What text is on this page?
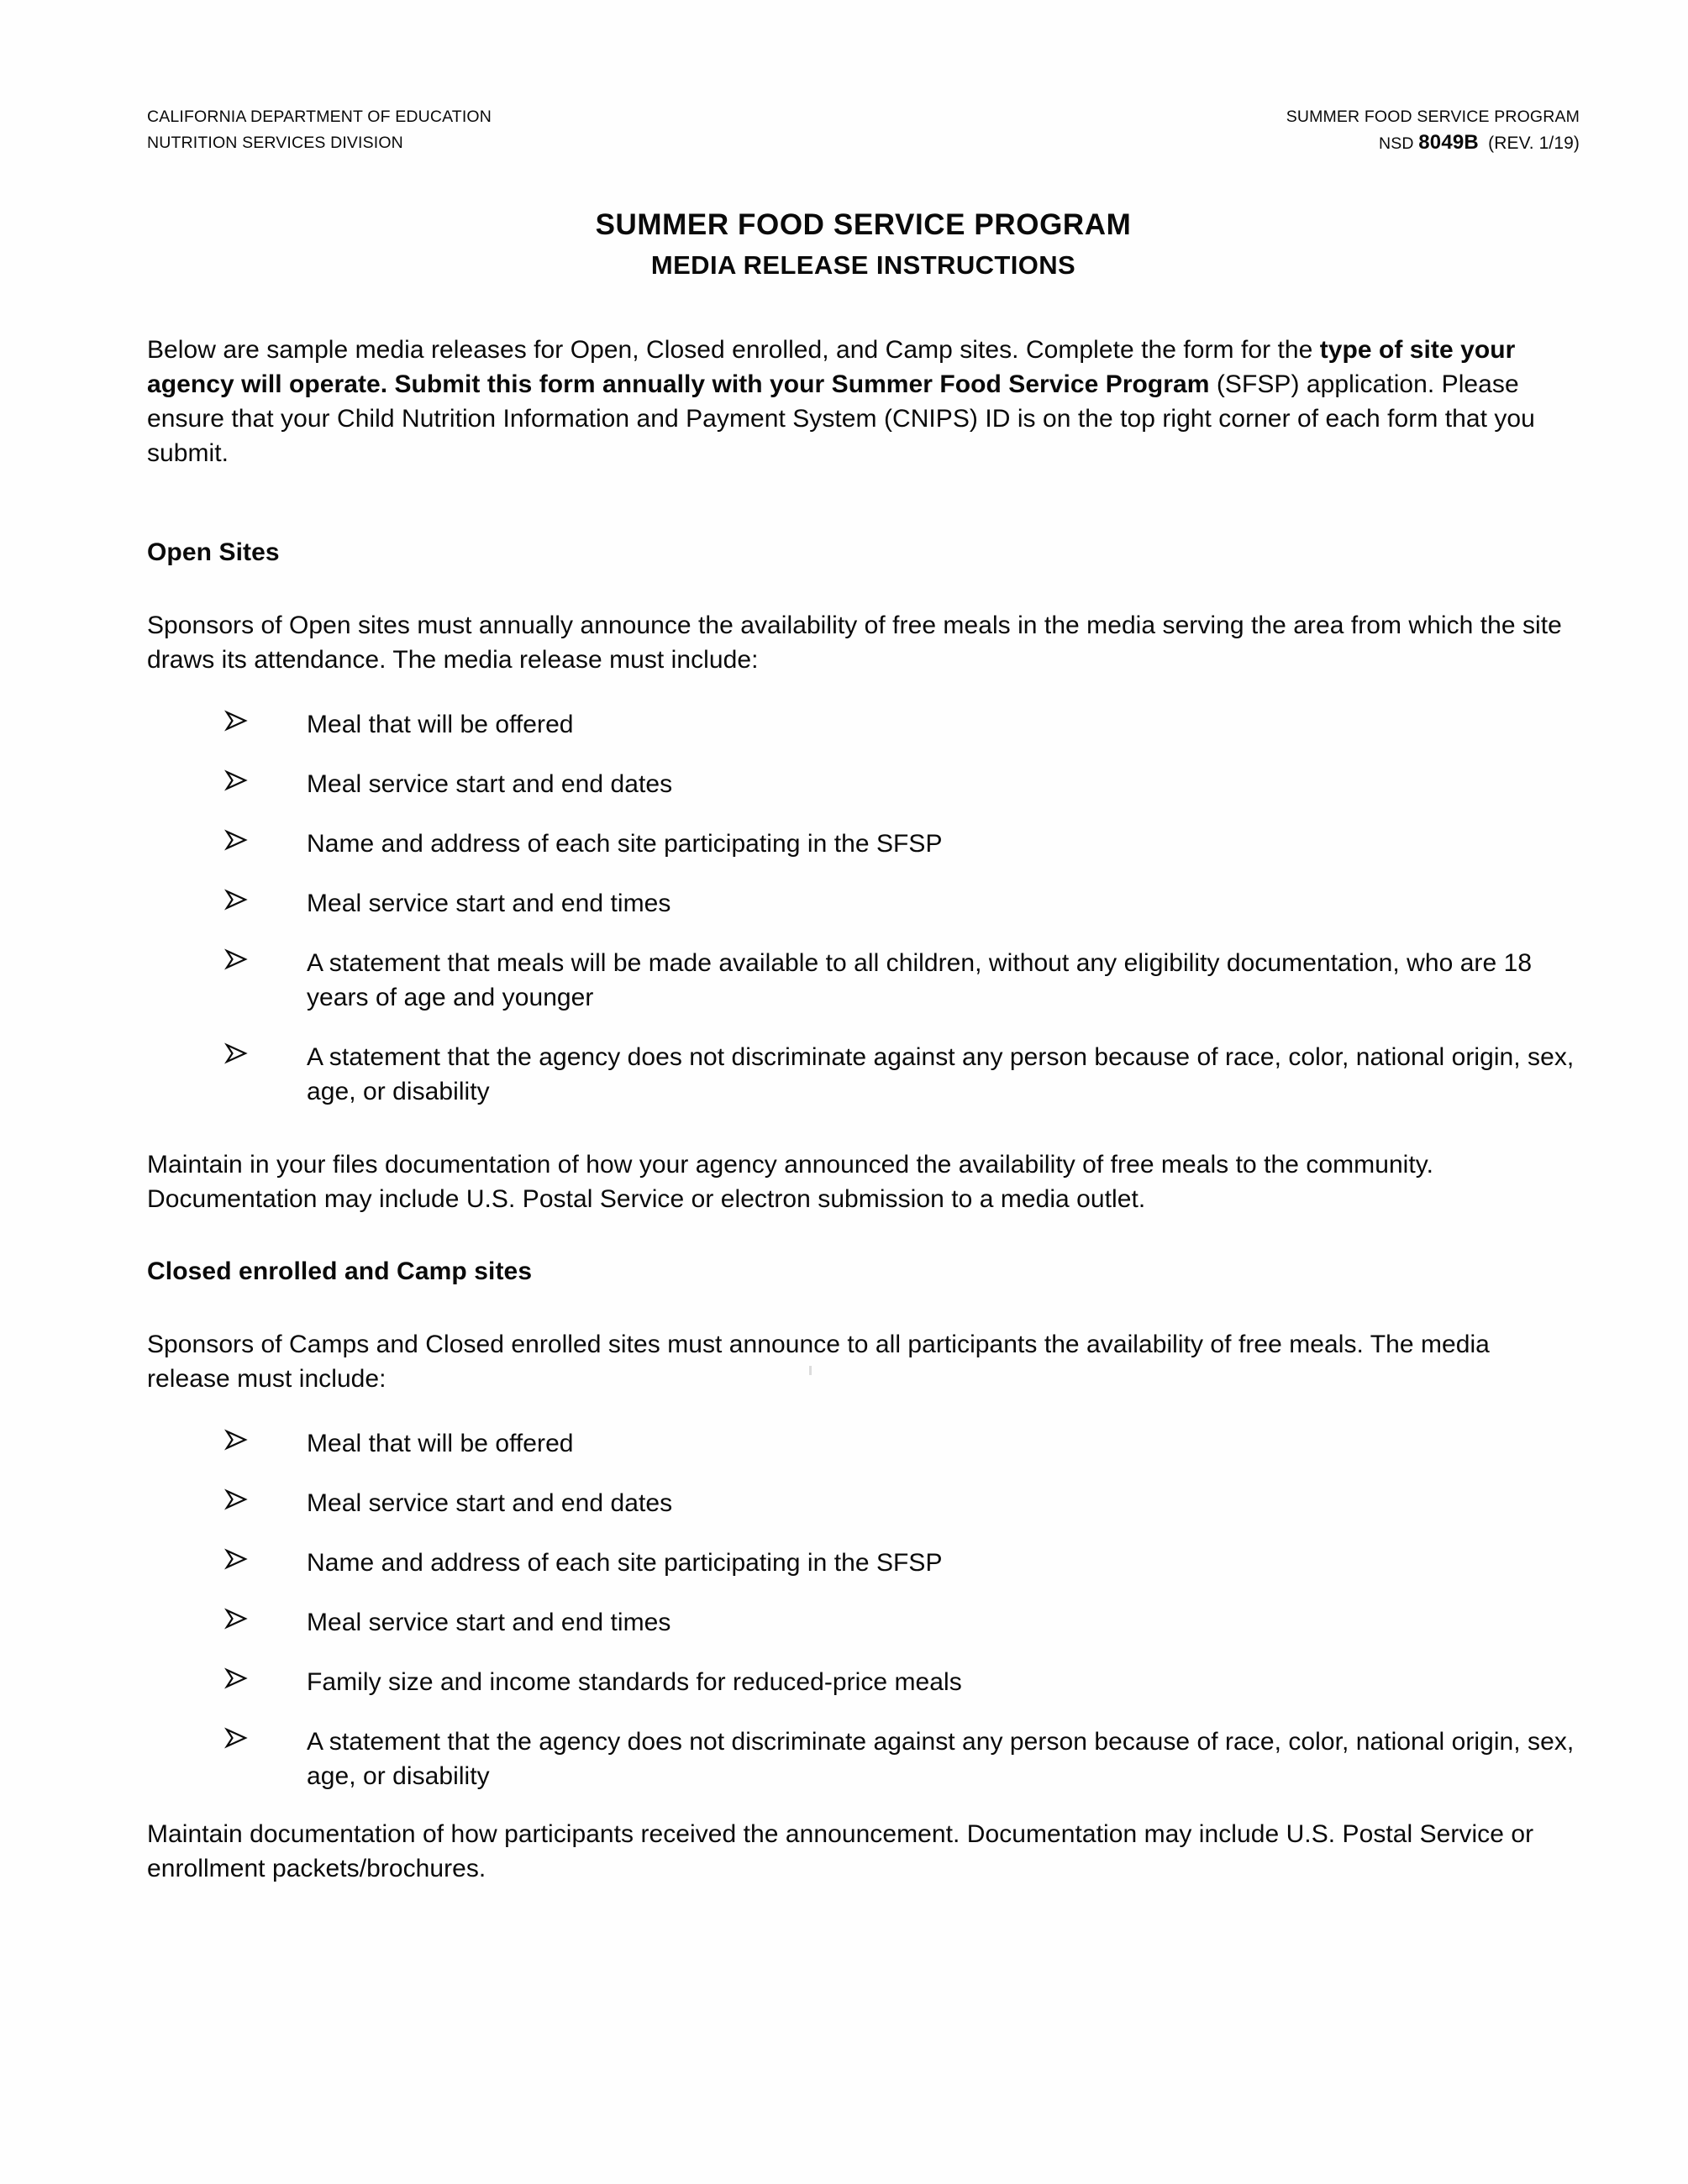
CALIFORNIA DEPARTMENT OF EDUCATION
NUTRITION SERVICES DIVISION
SUMMER FOOD SERVICE PROGRAM
NSD 8049B (REV. 1/19)
SUMMER FOOD SERVICE PROGRAM
MEDIA RELEASE INSTRUCTIONS
Below are sample media releases for Open, Closed enrolled, and Camp sites. Complete the form for the type of site your agency will operate. Submit this form annually with your Summer Food Service Program (SFSP) application. Please ensure that your Child Nutrition Information and Payment System (CNIPS) ID is on the top right corner of each form that you submit.
Open Sites
Sponsors of Open sites must annually announce the availability of free meals in the media serving the area from which the site draws its attendance. The media release must include:
Meal that will be offered
Meal service start and end dates
Name and address of each site participating in the SFSP
Meal service start and end times
A statement that meals will be made available to all children, without any eligibility documentation, who are 18 years of age and younger
A statement that the agency does not discriminate against any person because of race, color, national origin, sex, age, or disability
Maintain in your files documentation of how your agency announced the availability of free meals to the community. Documentation may include U.S. Postal Service or electron submission to a media outlet.
Closed enrolled and Camp sites
Sponsors of Camps and Closed enrolled sites must announce to all participants the availability of free meals. The media release must include:
Meal that will be offered
Meal service start and end dates
Name and address of each site participating in the SFSP
Meal service start and end times
Family size and income standards for reduced-price meals
A statement that the agency does not discriminate against any person because of race, color, national origin, sex, age, or disability
Maintain documentation of how participants received the announcement. Documentation may include U.S. Postal Service or enrollment packets/brochures.
